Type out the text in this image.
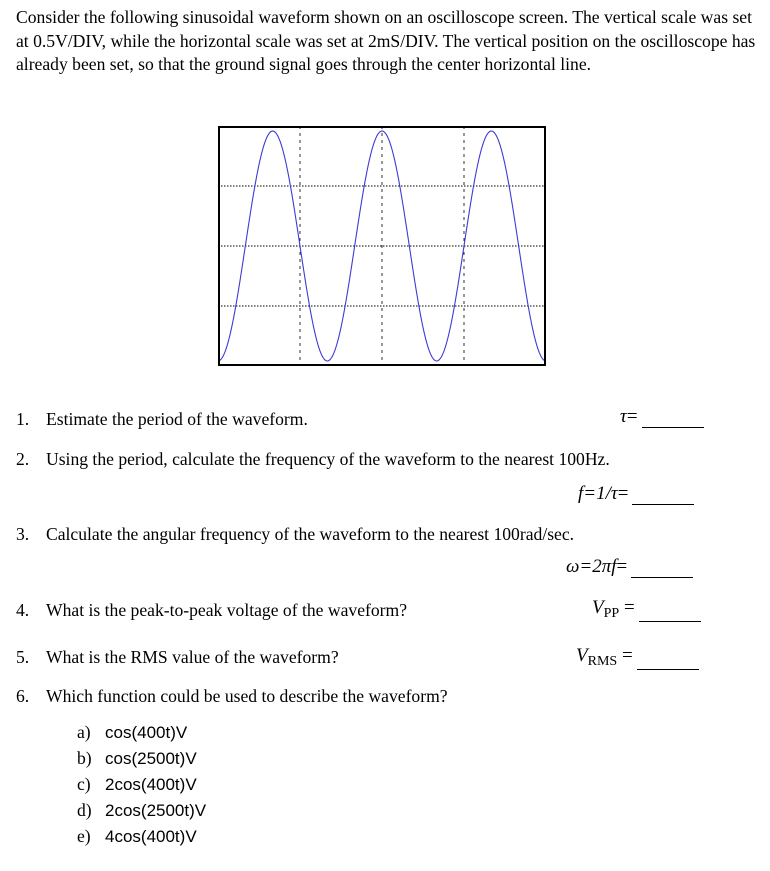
Consider the following sinusoidal waveform shown on an oscilloscope screen. The vertical scale was set at 0.5V/DIV, while the horizontal scale was set at 2mS/DIV. The vertical position on the oscilloscope has already been set, so that the ground signal goes through the center horizontal line.

1. Estimate the period of the waveform.	τ=
2. Using the period, calculate the frequency of the waveform to the nearest 100Hz.
f=1/τ=
3. Calculate the angular frequency of the waveform to the nearest 100rad/sec.
ω=2πf=
4. What is the peak-to-peak voltage of the waveform?	$V_{PP}$ =
5. What is the RMS value of the waveform?	$V_{RMS}$ =
6. Which function could be used to describe the waveform?
a) cos(400t)V
b) cos(2500t)V
c) 2cos(400t)V
d) 2cos(2500t)V
e) 4cos(400t)V
